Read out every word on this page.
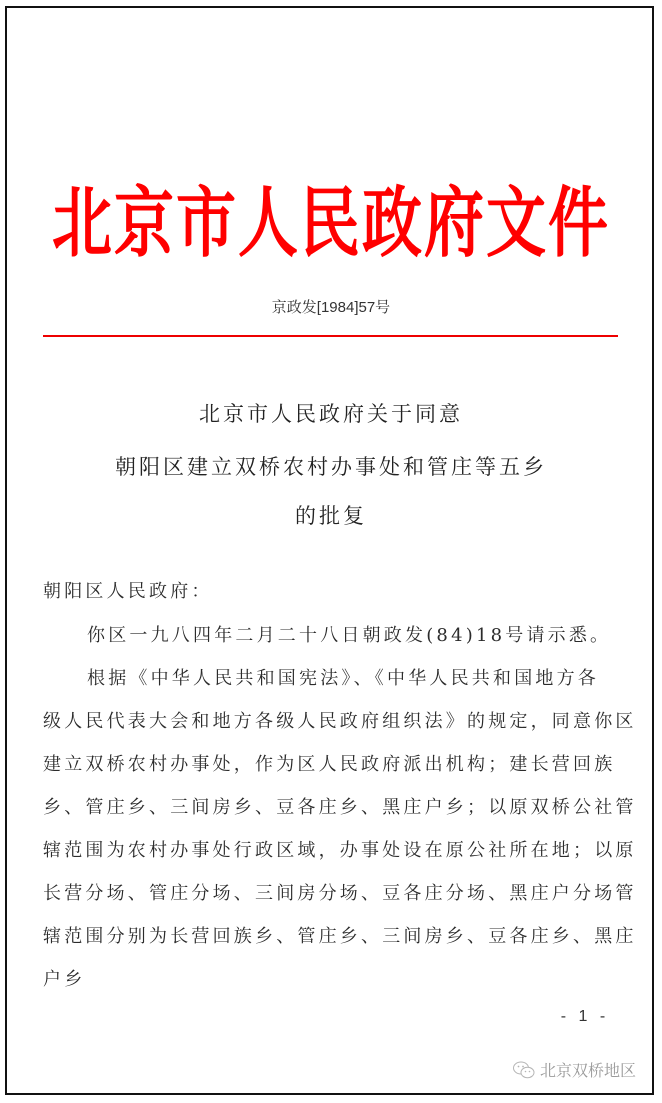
北京市人民政府文件
京政发[1984]57号
北京市人民政府关于同意
朝阳区建立双桥农村办事处和管庄等五乡
的批复
朝阳区人民政府：
你区一九八四年二月二十八日朝政发(84)18号请示悉。
根据《中华人民共和国宪法》、《中华人民共和国地方各
级人民代表大会和地方各级人民政府组织法》的规定，同意你区
建立双桥农村办事处，作为区人民政府派出机构；建长营回族
乡、管庄乡、三间房乡、豆各庄乡、黑庄户乡；以原双桥公社管
辖范围为农村办事处行政区域，办事处设在原公社所在地；以原
长营分场、管庄分场、三间房分场、豆各庄分场、黑庄户分场管
辖范围分别为长营回族乡、管庄乡、三间房乡、豆各庄乡、黑庄
户乡
- 1 -
北京双桥地区
